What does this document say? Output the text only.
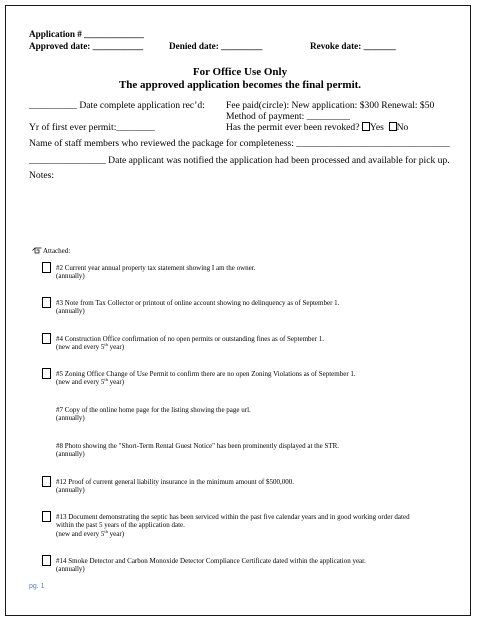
Application # _____________
Approved date: ___________	Denied date: _________	Revoke date: _______
For Office Use Only
The approved application becomes the final permit.
__________ Date complete application rec’d: Fee paid(circle): New application: $300 Renewal: $50
Method of payment: _________
Yr of first ever permit:________	Has the permit ever been revoked? Yes No
Name of staff members who reviewed the package for completeness: ________________________________
________________ Date applicant was notified the application had been processed and available for pick up.
Notes:
Attached:
#2 Current year annual property tax statement showing I am the owner.
(annually)
#3 Note from Tax Collector or printout of online account showing no delinquency as of September 1.
(annually)
#4 Construction Office confirmation of no open permits or outstanding fines as of September 1.
(new and every 5th year)
#5 Zoning Office Change of Use Permit to confirm there are no open Zoning Violations as of September 1.
(new and every 5th year)
#7 Copy of the online home page for the listing showing the page url.
(annually)
#8 Photo showing the "Short-Term Rental Guest Notice" has been prominently displayed at the STR.
(annually)
#12 Proof of current general liability insurance in the minimum amount of $500,000.
(annually)
#13 Document demonstrating the septic has been serviced within the past five calendar years and in good working order dated
within the past 5 years of the application date.
(new and every 5th year)
#14 Smoke Detector and Carbon Monoxide Detector Compliance Certificate dated within the application year.
(annually)
pg. 1
